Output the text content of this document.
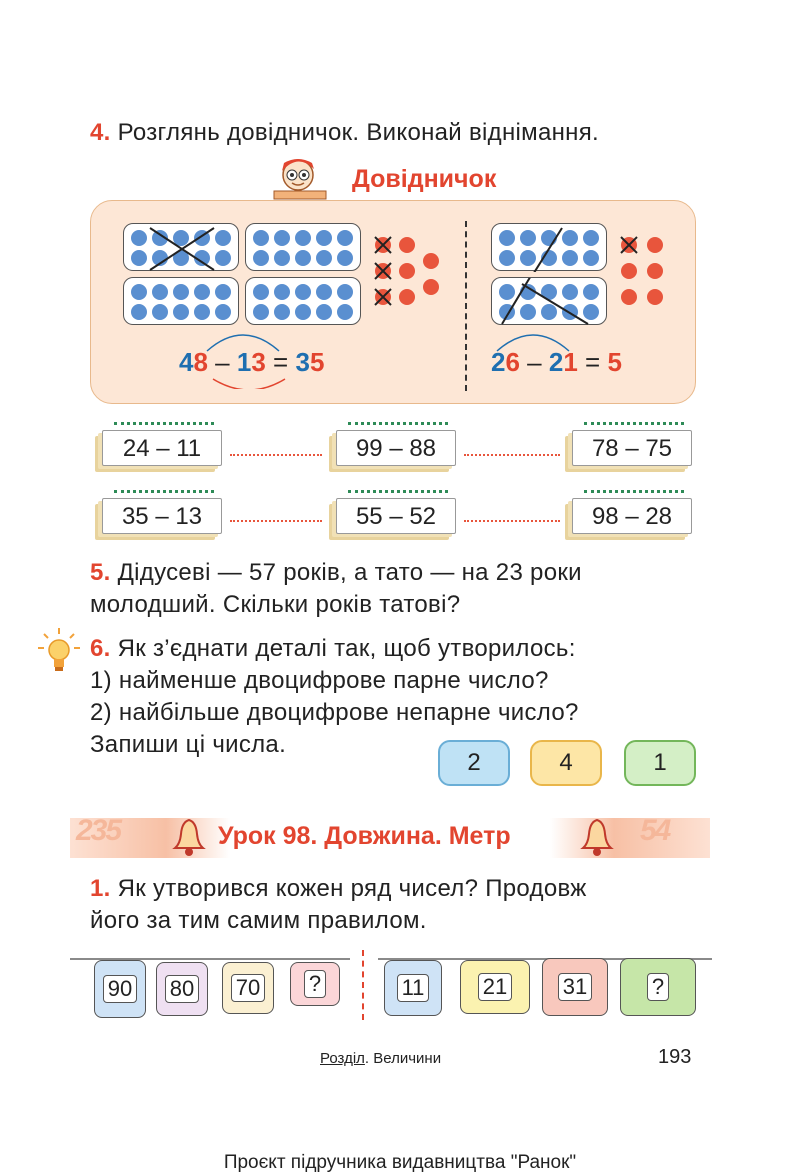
4. Розглянь довідничок. Виконай віднімання.
Довідничок
48 – 13 = 35	26 – 21 = 5
24 – 11	99 – 88	78 – 75
35 – 13	55 – 52	98 – 28
5. Дідусеві — 57 років, а тато — на 23 роки
молодший. Скільки років татові?
6. Як з’єднати деталі так, щоб утворилось:
1) найменше двоцифрове парне число?
2) найбільше двоцифрове непарне число?
Запиши ці числа.
2	4	1
235	54
Урок 98. Довжина. Метр
1. Як утворився кожен ряд чисел? Продовж
його за тим самим правилом.
90 80 70 ?	11	21	31	?
Розділ. Величини	193
Проєкт підручника видавництва "Ранок"
